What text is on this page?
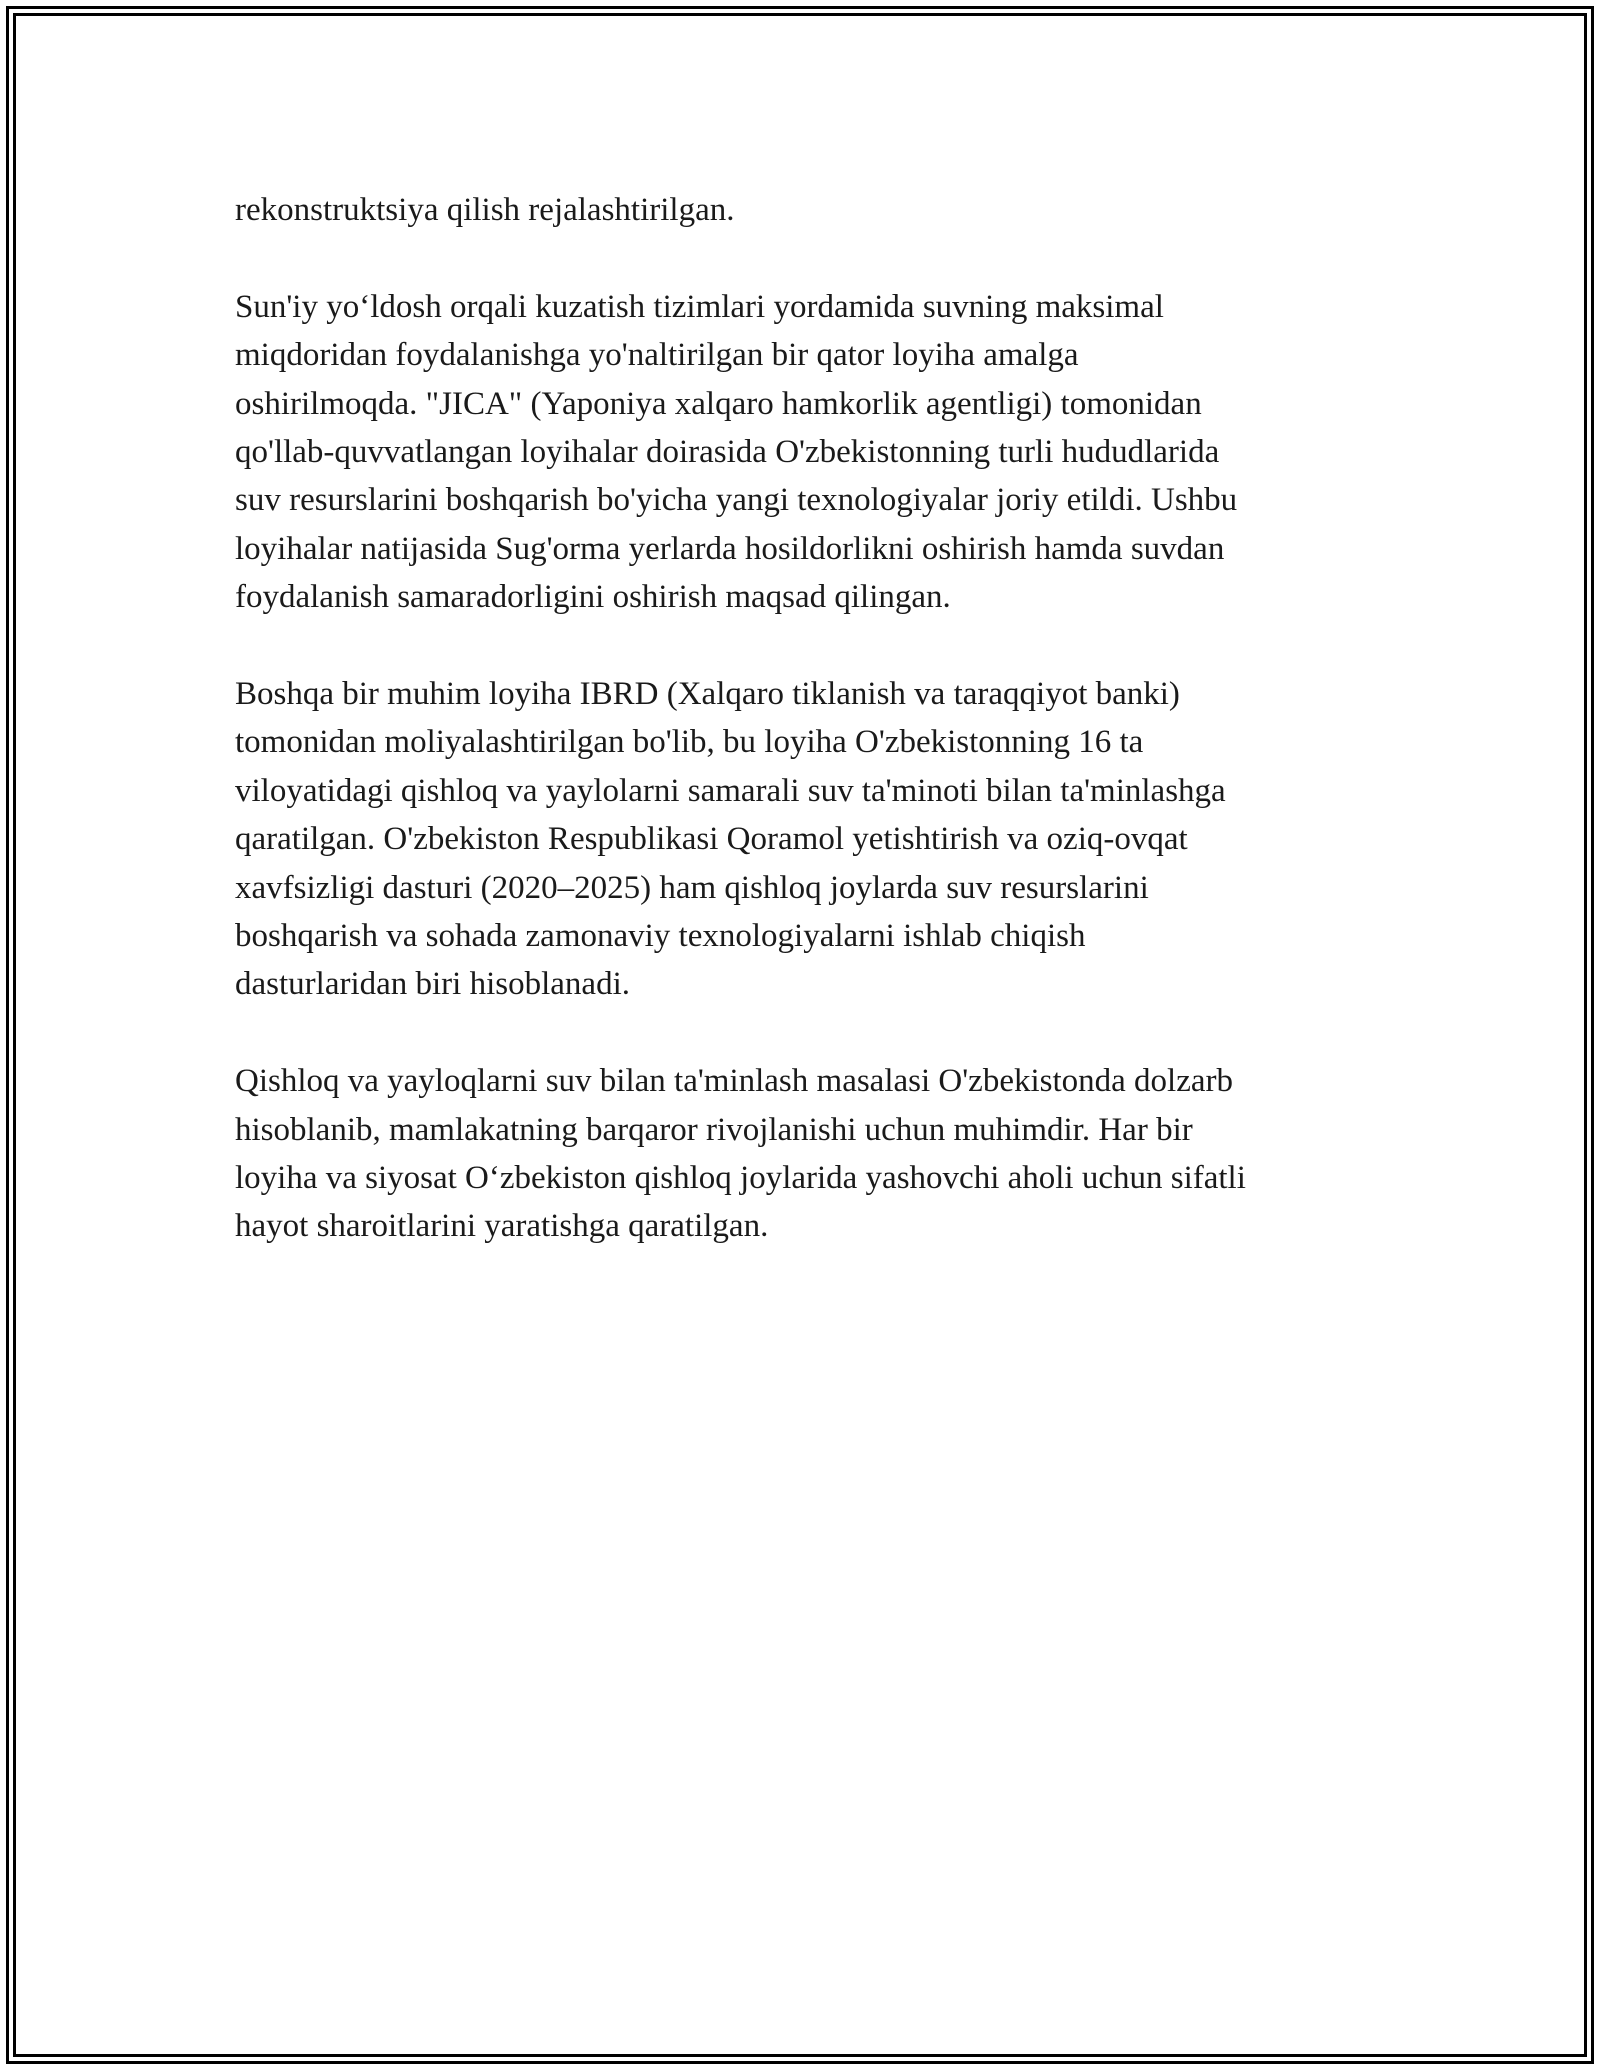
rekonstruktsiya qilish rejalashtirilgan.

Sun'iy yo‘ldosh orqali kuzatish tizimlari yordamida suvning maksimal
miqdoridan foydalanishga yo'naltirilgan bir qator loyiha amalga
oshirilmoqda. "JICA" (Yaponiya xalqaro hamkorlik agentligi) tomonidan
qo'llab-quvvatlangan loyihalar doirasida O'zbekistonning turli hududlarida
suv resurslarini boshqarish bo'yicha yangi texnologiyalar joriy etildi. Ushbu
loyihalar natijasida Sug'orma yerlarda hosildorlikni oshirish hamda suvdan
foydalanish samaradorligini oshirish maqsad qilingan.

Boshqa bir muhim loyiha IBRD (Xalqaro tiklanish va taraqqiyot banki)
tomonidan moliyalashtirilgan bo'lib, bu loyiha O'zbekistonning 16 ta
viloyatidagi qishloq va yaylolarni samarali suv ta'minoti bilan ta'minlashga
qaratilgan. O'zbekiston Respublikasi Qoramol yetishtirish va oziq-ovqat
xavfsizligi dasturi (2020–2025) ham qishloq joylarda suv resurslarini
boshqarish va sohada zamonaviy texnologiyalarni ishlab chiqish
dasturlaridan biri hisoblanadi.

Qishloq va yayloqlarni suv bilan ta'minlash masalasi O'zbekistonda dolzarb
hisoblanib, mamlakatning barqaror rivojlanishi uchun muhimdir. Har bir
loyiha va siyosat O‘zbekiston qishloq joylarida yashovchi aholi uchun sifatli
hayot sharoitlarini yaratishga qaratilgan.
